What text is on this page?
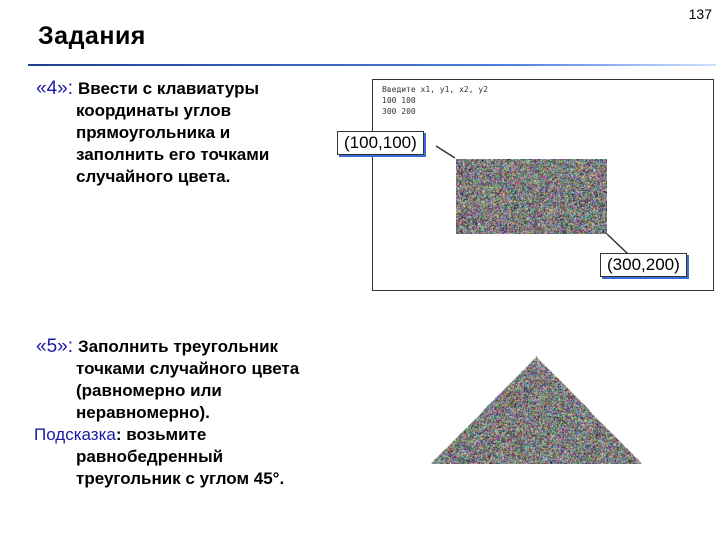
137
Задания
«4»: Ввести с клавиатуры
координаты углов
прямоугольника и
заполнить его точками
случайного цвета.
Введите x1, y1, x2, y2
100 100
300 200
(100,100)
(300,200)
«5»: Заполнить треугольник
точками случайного цвета
(равномерно или
неравномерно).
Подсказка: возьмите
равнобедренный
треугольник с углом 45°.
